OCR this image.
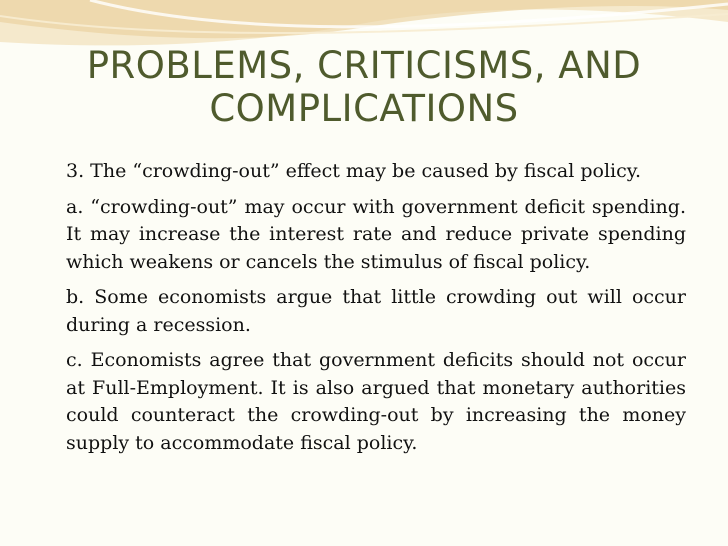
PROBLEMS, CRITICISMS, AND COMPLICATIONS

3. The “crowding-out” effect may be caused by fiscal policy.

a. “crowding-out” may occur with government deficit spending. It may increase the interest rate and reduce private spending which weakens or cancels the stimulus of fiscal policy.

b. Some economists argue that little crowding out will occur during a recession.

c. Economists agree that government deficits should not occur at Full-Employment. It is also argued that monetary authorities could counteract the crowding-out by increasing the money supply to accommodate fiscal policy.
